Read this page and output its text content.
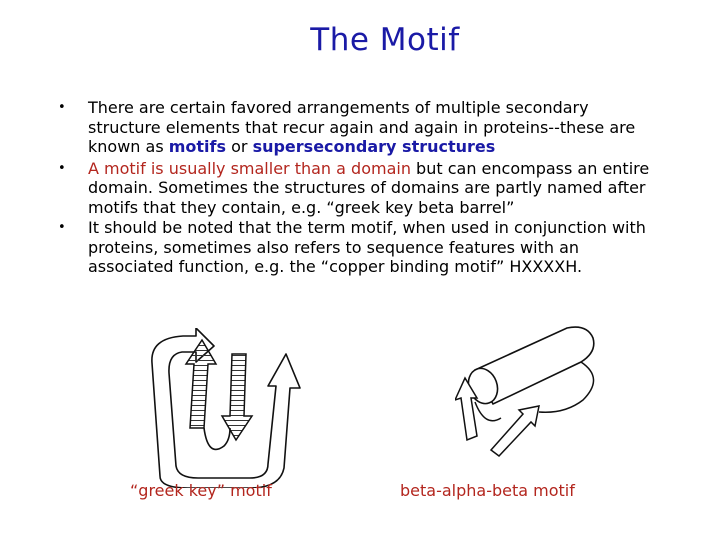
The Motif
• There are certain favored arrangements of multiple secondary structure elements that recur again and again in proteins--these are known as motifs or supersecondary structures
• A motif is usually smaller than a domain but can encompass an entire domain. Sometimes the structures of domains are partly named after motifs that they contain, e.g. “greek key beta barrel”
• It should be noted that the term motif, when used in conjunction with proteins, sometimes also refers to sequence features with an associated function, e.g. the “copper binding motif” HXXXXH.
“greek key” motif	beta-alpha-beta motif
